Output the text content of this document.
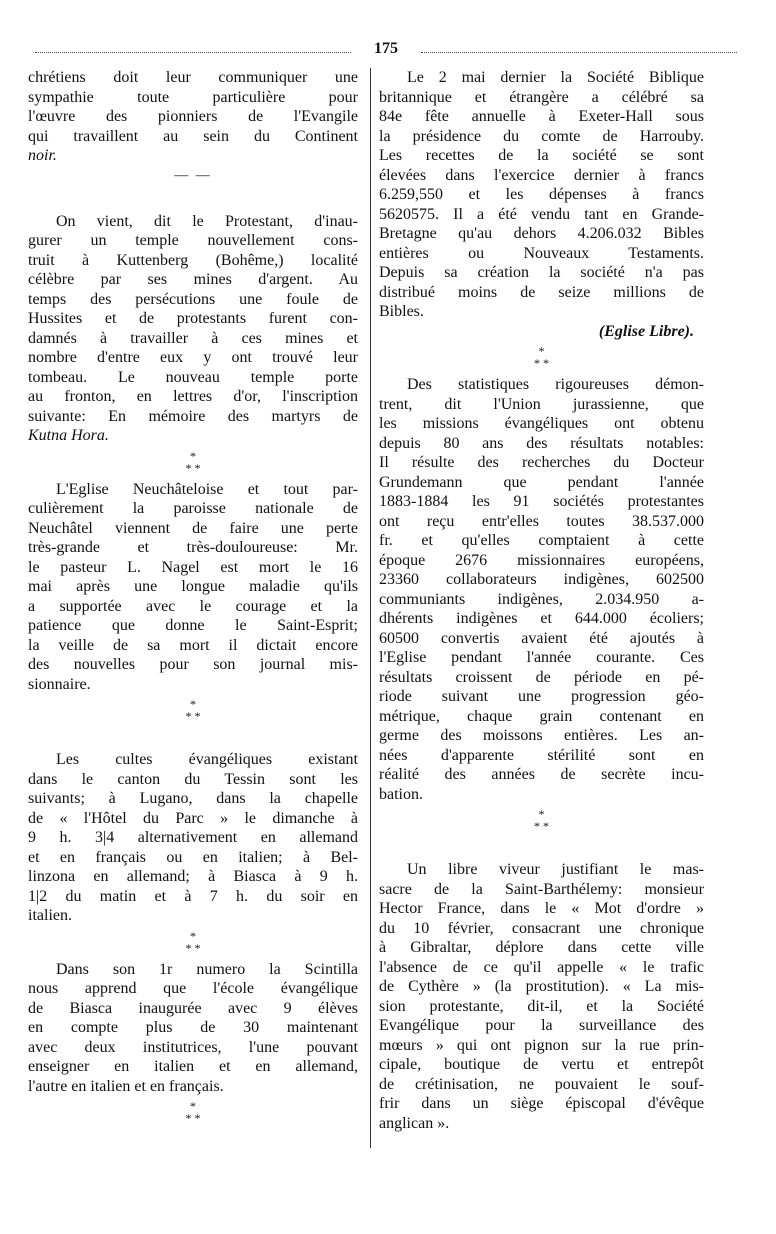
175
chrétiens doit leur communiquer une
sympathie toute particulière pour
l'œuvre des pionniers de l'Evangile
qui travaillent au sein du Continent
noir.
— —
On vient, dit le Protestant, d'inau-
gurer un temple nouvellement cons-
truit à Kuttenberg (Bohême,) localité
célèbre par ses mines d'argent. Au
temps des persécutions une foule de
Hussites et de protestants furent con-
damnés à travailler à ces mines et
nombre d'entre eux y ont trouvé leur
tombeau. Le nouveau temple porte
au fronton, en lettres d'or, l'inscription
suivante: En mémoire des martyrs de
Kutna Hora.
*
* *
L'Eglise Neuchâteloise et tout par-
culièrement la paroisse nationale de
Neuchâtel viennent de faire une perte
très-grande et très-douloureuse: Mr.
le pasteur L. Nagel est mort le 16
mai après une longue maladie qu'ils
a supportée avec le courage et la
patience que donne le Saint-Esprit;
la veille de sa mort il dictait encore
des nouvelles pour son journal mis-
sionnaire.
*
* *
Les cultes évangéliques existant
dans le canton du Tessin sont les
suivants; à Lugano, dans la chapelle
de « l'Hôtel du Parc » le dimanche à
9 h. 3|4 alternativement en allemand
et en français ou en italien; à Bel-
linzona en allemand; à Biasca à 9 h.
1|2 du matin et à 7 h. du soir en
italien.
*
* *
Dans son 1r numero la Scintilla
nous apprend que l'école évangélique
de Biasca inaugurée avec 9 élèves
en compte plus de 30 maintenant
avec deux institutrices, l'une pouvant
enseigner en italien et en allemand,
l'autre en italien et en français.
*
* *
Le 2 mai dernier la Société Biblique
britannique et étrangère a célébré sa
84e fête annuelle à Exeter-Hall sous
la présidence du comte de Harrouby.
Les recettes de la société se sont
élevées dans l'exercice dernier à francs
6.259,550 et les dépenses à francs
5620575. Il a été vendu tant en Grande-
Bretagne qu'au dehors 4.206.032 Bibles
entières ou Nouveaux Testaments.
Depuis sa création la société n'a pas
distribué moins de seize millions de
Bibles.
(Eglise Libre).
*
* *
Des statistiques rigoureuses démon-
trent, dit l'Union jurassienne, que
les missions évangéliques ont obtenu
depuis 80 ans des résultats notables:
Il résulte des recherches du Docteur
Grundemann que pendant l'année
1883-1884 les 91 sociétés protestantes
ont reçu entr'elles toutes 38.537.000
fr. et qu'elles comptaient à cette
époque 2676 missionnaires européens,
23360 collaborateurs indigènes, 602500
communiants indigènes, 2.034.950 a-
dhérents indigènes et 644.000 écoliers;
60500 convertis avaient été ajoutés à
l'Eglise pendant l'année courante. Ces
résultats croissent de période en pé-
riode suivant une progression géo-
métrique, chaque grain contenant en
germe des moissons entières. Les an-
nées d'apparente stérilité sont en
réalité des années de secrète incu-
bation.
*
* *
Un libre viveur justifiant le mas-
sacre de la Saint-Barthélemy: monsieur
Hector France, dans le « Mot d'ordre »
du 10 février, consacrant une chronique
à Gibraltar, déplore dans cette ville
l'absence de ce qu'il appelle « le trafic
de Cythère » (la prostitution). « La mis-
sion protestante, dit-il, et la Société
Evangélique pour la surveillance des
mœurs » qui ont pignon sur la rue prin-
cipale, boutique de vertu et entrepôt
de crétinisation, ne pouvaient le souf-
frir dans un siège épiscopal d'évêque
anglican ».
